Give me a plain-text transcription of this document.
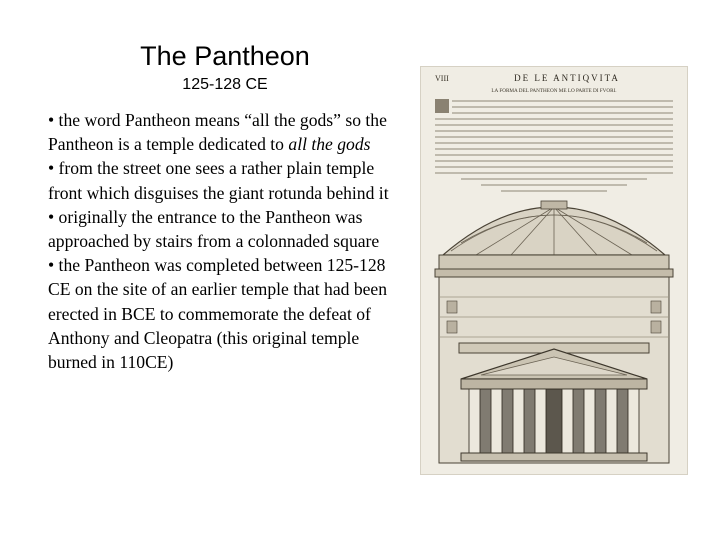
The Pantheon
125-128 CE

• the word Pantheon means “all the gods” so the Pantheon is a temple dedicated to all the gods

• from the street one sees a rather plain temple front which disguises the giant rotunda behind it

• originally the entrance to the Pantheon was approached by stairs from a colonnaded square

• the Pantheon was completed between 125-128 CE on the site of an earlier temple that had been erected in BCE to commemorate the defeat of Anthony and Cleopatra (this original temple burned in 110CE)

VIII	DE LE ANTIQVITA
LA FORMA DEL PANTHEON ME LO PARTE DI FVORI.
